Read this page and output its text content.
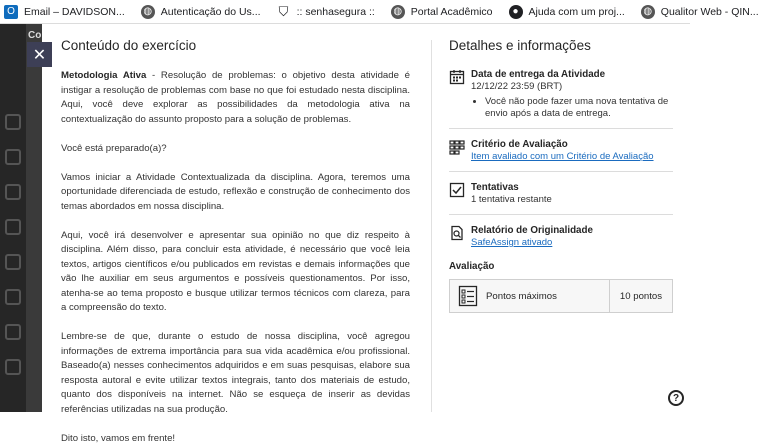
O Email – DAVIDSON... ◍ Autenticação do Us... ⛉ :: senhasegura :: ◍ Portal Acadêmico	● Ajuda com um proj... ◍ Qualitor Web - QIN...
Co
✕
Conteúdo do exercício

Metodologia Ativa - Resolução de problemas: o objetivo desta atividade é instigar a resolução de problemas com base no que foi estudado nesta disciplina. Aqui, você deve explorar as possibilidades da metodologia ativa na contextualização do assunto proposto para a solução de problemas.

Você está preparado(a)?

Vamos iniciar a Atividade Contextualizada da disciplina. Agora, teremos uma oportunidade diferenciada de estudo, reflexão e construção de conhecimento dos temas abordados em nossa disciplina.

Aqui, você irá desenvolver e apresentar sua opinião no que diz respeito à disciplina. Além disso, para concluir esta atividade, é necessário que você leia textos, artigos científicos e/ou publicados em revistas e demais informações que vão lhe auxiliar em seus argumentos e possíveis questionamentos. Por isso, atenha-se ao tema proposto e busque utilizar termos técnicos com clareza, para a compreensão do texto.

Lembre-se de que, durante o estudo de nossa disciplina, você agregou informações de extrema importância para sua vida acadêmica e/ou profissional. Baseado(a) nesses conhecimentos adquiridos e em suas pesquisas, elabore sua resposta autoral e evite utilizar textos integrais, tanto dos materiais de estudo, quanto dos disponíveis na internet. Não se esqueça de inserir as devidas referências utilizadas na sua produção.

Dito isto, vamos em frente!

Detalhes e informações
Data de entrega da Atividade
12/12/22 23:59 (BRT)
• Você não pode fazer uma nova tentativa de envio após a data de entrega.
Critério de Avaliação
Item avaliado com um Critério de Avaliação
Tentativas
1 tentativa restante
Relatório de Originalidade
SafeAssign ativado
Avaliação
Pontos máximos	10 pontos
?
